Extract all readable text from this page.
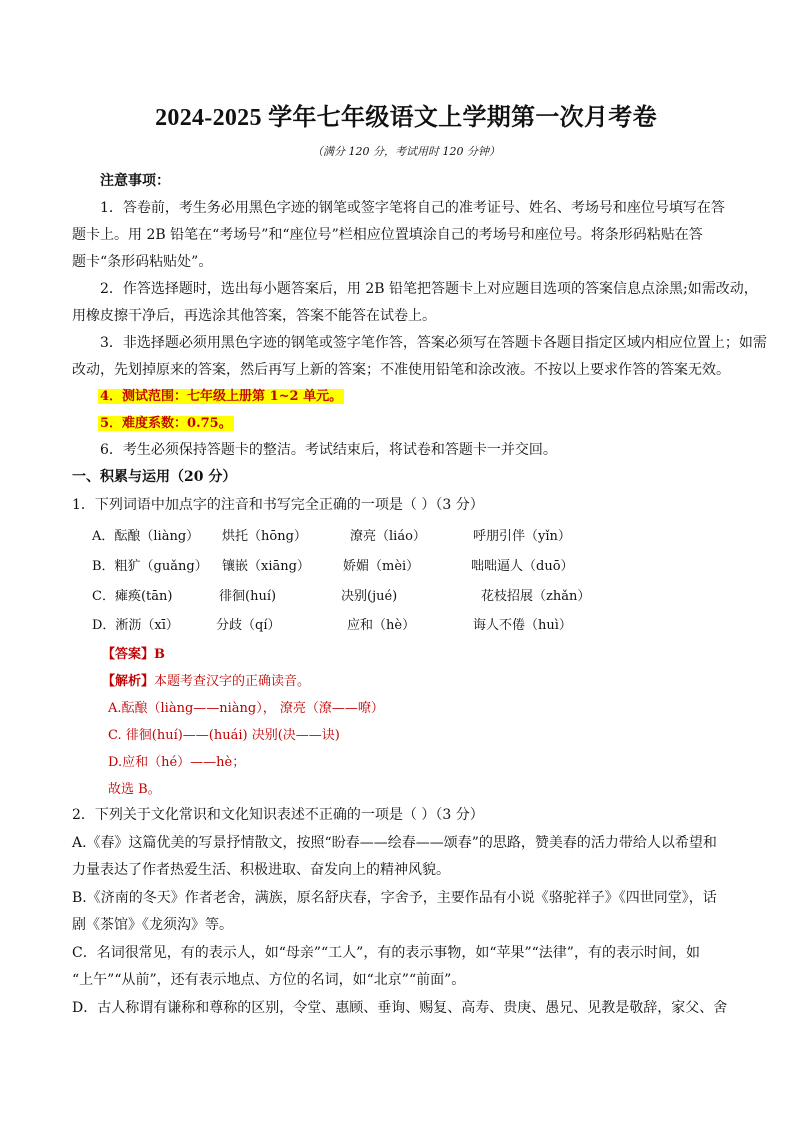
2024-2025 学年七年级语文上学期第一次月考卷
（满分 120 分，考试用时 120 分钟）
注意事项：
1．答卷前，考生务必用黑色字迹的钢笔或签字笔将自己的准考证号、姓名、考场号和座位号填写在答
题卡上。用 2B 铅笔在“考场号”和“座位号”栏相应位置填涂自己的考场号和座位号。将条形码粘贴在答
题卡“条形码粘贴处”。
2．作答选择题时，选出每小题答案后，用 2B 铅笔把答题卡上对应题目选项的答案信息点涂黑;如需改动，
用橡皮擦干净后，再选涂其他答案，答案不能答在试卷上。
3．非选择题必须用黑色字迹的钢笔或签字笔作答，答案必须写在答题卡各题目指定区域内相应位置上；如需
改动，先划掉原来的答案，然后再写上新的答案；不准使用铅笔和涂改液。不按以上要求作答的答案无效。
4．测试范围：七年级上册第 1~2 单元。
5．难度系数：0.75。
6．考生必须保持答题卡的整洁。考试结束后，将试卷和答题卡一并交回。
一、积累与运用（20 分）
1．下列词语中加点字的注音和书写完全正确的一项是（ ）（3 分）
A．酝酿（liàng） 烘托（hōng）	潦亮（liáo）	呼朋引伴（yǐn）
B．粗犷（guǎng） 镶嵌（xiāng）	娇媚（mèi）	咄咄逼人（duō）
C．瘫痪(tān)	徘徊(huí)	决别(jué)	花枝招展（zhǎn）
D．淅沥（xī）	分歧（qí）	应和（hè）	诲人不倦（huì）
【答案】B
【解析】本题考查汉字的正确读音。
A.酝酿（liàng——niàng）， 潦亮（潦——嘹）
C. 徘徊(huí)——(huái) 决别(决——诀)
D.应和（hé）——hè；
故选 B。
2．下列关于文化常识和文化知识表述不正确的一项是（ ）（3 分）
A.《春》这篇优美的写景抒情散文，按照“盼春——绘春——颂春”的思路，赞美春的活力带给人以希望和
力量表达了作者热爱生活、积极进取、奋发向上的精神风貌。
B.《济南的冬天》作者老舍，满族，原名舒庆春，字舍予，主要作品有小说《骆驼祥子》《四世同堂》，话
剧《茶馆》《龙须沟》等。
C．名词很常见，有的表示人，如“母亲”“工人”，有的表示事物，如“苹果”“法律”，有的表示时间，如
“上午”“从前”，还有表示地点、方位的名词，如“北京”“前面”。
D．古人称谓有谦称和尊称的区别，令堂、惠顾、垂询、赐复、高寿、贵庚、愚兄、见教是敬辞，家父、舍
